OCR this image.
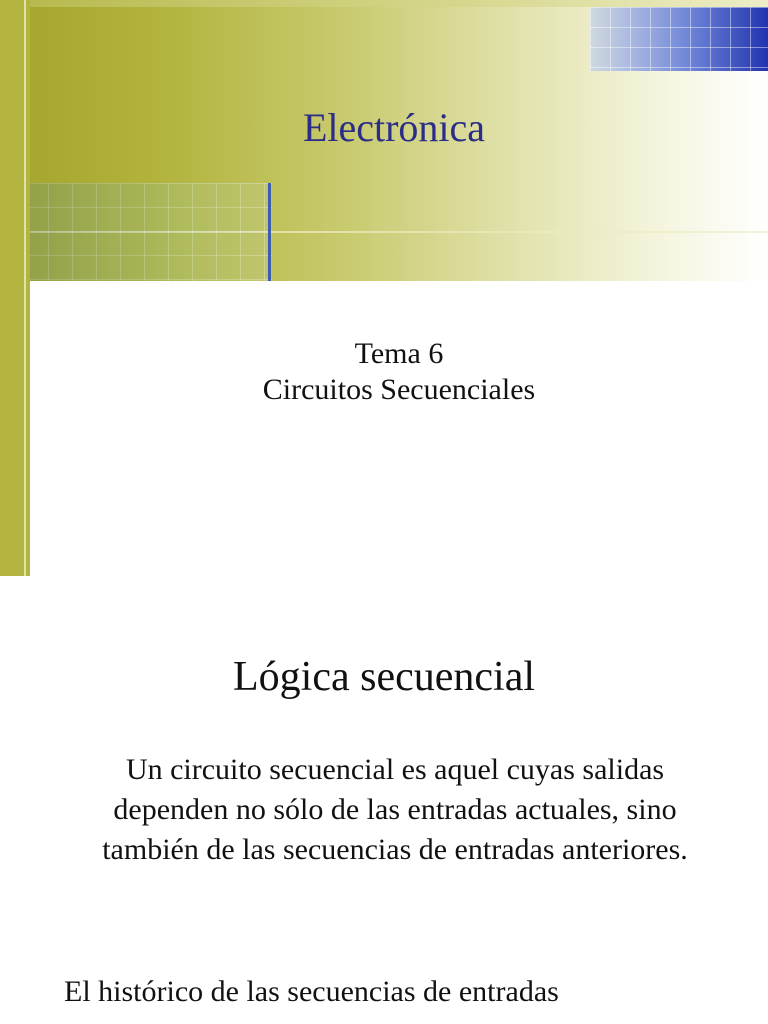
Electrónica
Tema 6
Circuitos Secuenciales
Lógica secuencial
Un circuito secuencial es aquel cuyas salidas dependen no sólo de las entradas actuales, sino también de las secuencias de entradas anteriores.
El histórico de las secuencias de entradas
